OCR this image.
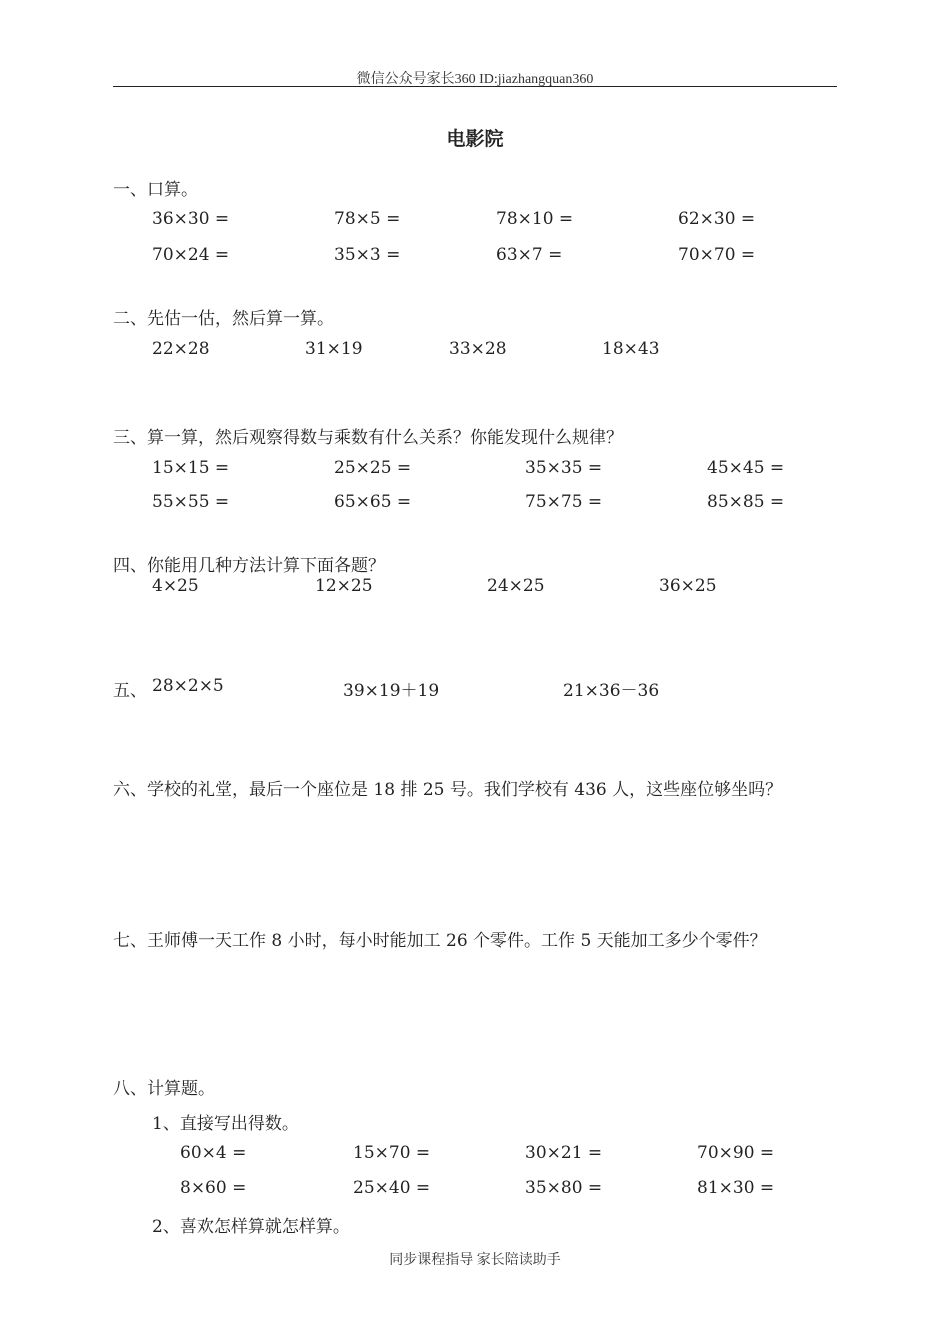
微信公众号家长360 ID:jiazhangquan360
电影院
一、口算。
36×30 =	78×5 =	78×10 =	62×30 =
70×24 =	35×3 =	63×7 =	70×70 =
二、先估一估，然后算一算。
22×28	31×19	33×28	18×43
三、算一算，然后观察得数与乘数有什么关系？你能发现什么规律？
15×15 =	25×25 =	35×35 =	45×45 =
55×55 =	65×65 =	75×75 =	85×85 =
四、你能用几种方法计算下面各题？
4×25	12×25	24×25	36×25
五、 28×2×5	39×19＋19	21×36－36
六、学校的礼堂，最后一个座位是 18 排 25 号。我们学校有 436 人，这些座位够坐吗？
七、王师傅一天工作 8 小时，每小时能加工 26 个零件。工作 5 天能加工多少个零件？
八、计算题。
1、直接写出得数。
60×4 =	15×70 =	30×21 =	70×90 =
8×60 =	25×40 =	35×80 =	81×30 =
2、喜欢怎样算就怎样算。
同步课程指导 家长陪读助手
